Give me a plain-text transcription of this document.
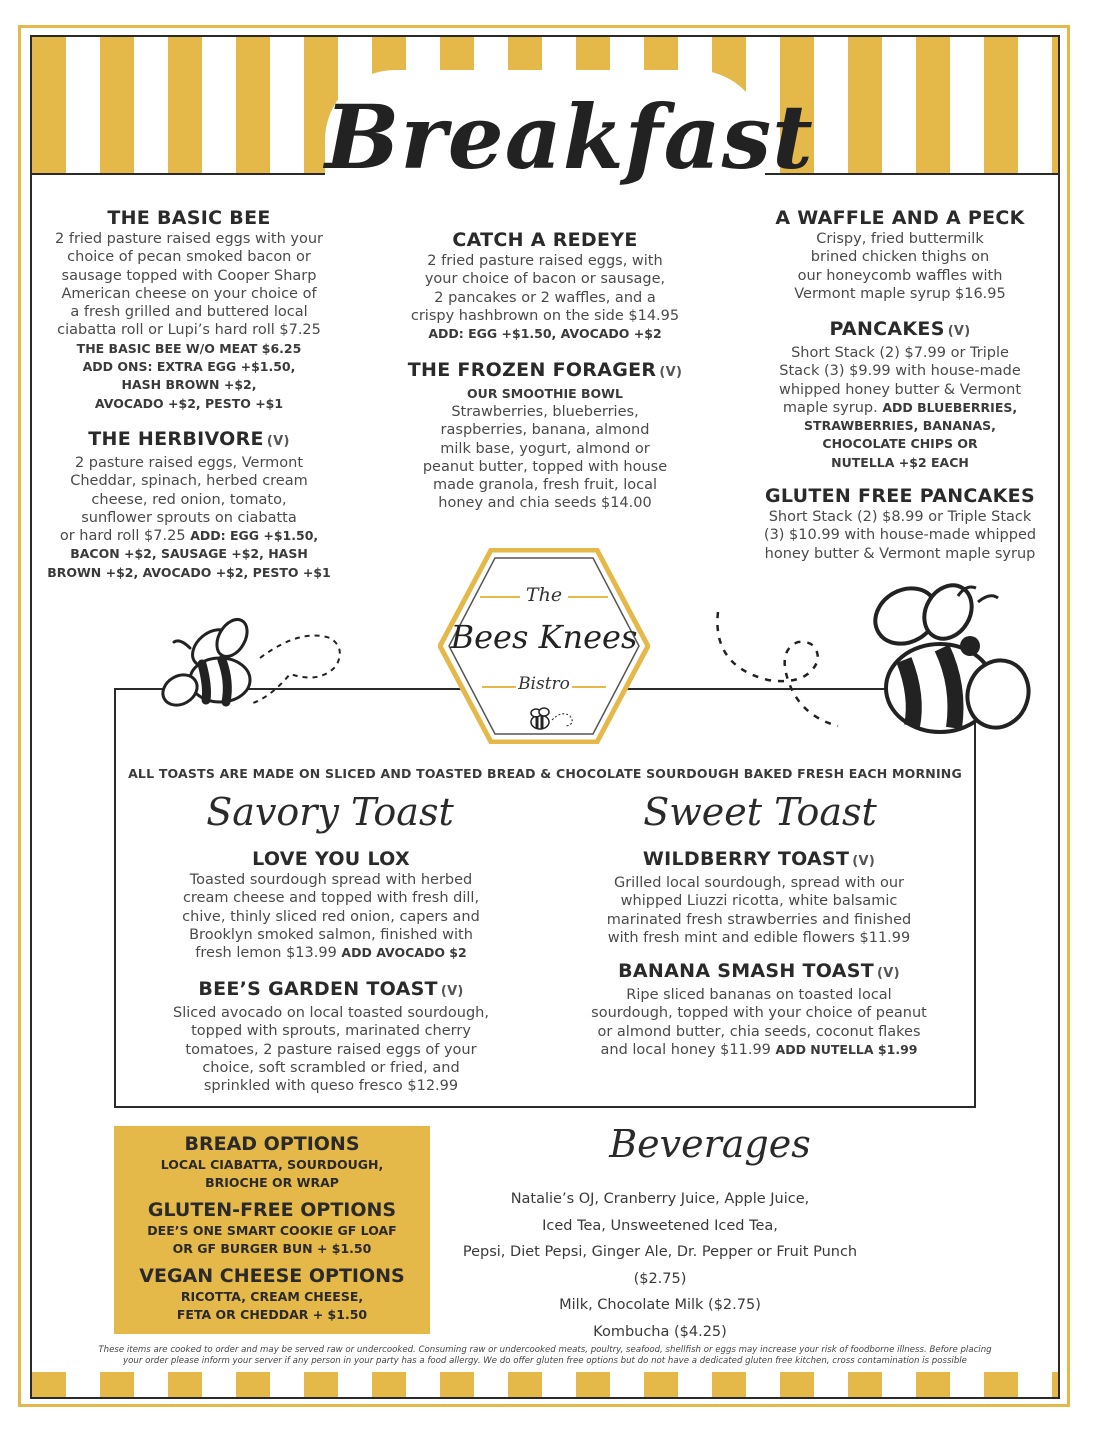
Breakfast
THE BASIC BEE
2 fried pasture raised eggs with your
choice of pecan smoked bacon or
sausage topped with Cooper Sharp
American cheese on your choice of
a fresh grilled and buttered local
ciabatta roll or Lupi’s hard roll $7.25
THE BASIC BEE W/O MEAT $6.25
ADD ONS: EXTRA EGG +$1.50,
HASH BROWN +$2,
AVOCADO +$2, PESTO +$1
THE HERBIVORE (V)
2 pasture raised eggs, Vermont
Cheddar, spinach, herbed cream
cheese, red onion, tomato,
sunflower sprouts on ciabatta
or hard roll $7.25 ADD: EGG +$1.50,
BACON +$2, SAUSAGE +$2, HASH
BROWN +$2, AVOCADO +$2, PESTO +$1
CATCH A REDEYE
2 fried pasture raised eggs, with
your choice of bacon or sausage,
2 pancakes or 2 waffles, and a
crispy hashbrown on the side $14.95
ADD: EGG +$1.50, AVOCADO +$2
THE FROZEN FORAGER (V)
OUR SMOOTHIE BOWL
Strawberries, blueberries,
raspberries, banana, almond
milk base, yogurt, almond or
peanut butter, topped with house
made granola, fresh fruit, local
honey and chia seeds $14.00
A WAFFLE AND A PECK
Crispy, fried buttermilk
brined chicken thighs on
our honeycomb waffles with
Vermont maple syrup $16.95
PANCAKES (V)
Short Stack (2) $7.99 or Triple
Stack (3) $9.99 with house-made
whipped honey butter & Vermont
maple syrup. ADD BLUEBERRIES,
STRAWBERRIES, BANANAS,
CHOCOLATE CHIPS OR
NUTELLA +$2 EACH
GLUTEN FREE PANCAKES
Short Stack (2) $8.99 or Triple Stack
(3) $10.99 with house-made whipped
honey butter & Vermont maple syrup
The
Bees Knees
Bistro
ALL TOASTS ARE MADE ON SLICED AND TOASTED BREAD & CHOCOLATE SOURDOUGH BAKED FRESH EACH MORNING
Savory Toast	Sweet Toast
LOVE YOU LOX
Toasted sourdough spread with herbed
cream cheese and topped with fresh dill,
chive, thinly sliced red onion, capers and
Brooklyn smoked salmon, finished with
fresh lemon $13.99 ADD AVOCADO $2
BEE’S GARDEN TOAST (V)
Sliced avocado on local toasted sourdough,
topped with sprouts, marinated cherry
tomatoes, 2 pasture raised eggs of your
choice, soft scrambled or fried, and
sprinkled with queso fresco $12.99
WILDBERRY TOAST (V)
Grilled local sourdough, spread with our
whipped Liuzzi ricotta, white balsamic
marinated fresh strawberries and finished
with fresh mint and edible flowers $11.99
BANANA SMASH TOAST (V)
Ripe sliced bananas on toasted local
sourdough, topped with your choice of peanut
or almond butter, chia seeds, coconut flakes
and local honey $11.99 ADD NUTELLA $1.99
BREAD OPTIONS
LOCAL CIABATTA, SOURDOUGH,
BRIOCHE OR WRAP
GLUTEN-FREE OPTIONS
DEE’S ONE SMART COOKIE GF LOAF
OR GF BURGER BUN + $1.50
VEGAN CHEESE OPTIONS
RICOTTA, CREAM CHEESE,
FETA OR CHEDDAR + $1.50
Beverages
Natalie’s OJ, Cranberry Juice, Apple Juice,
Iced Tea, Unsweetened Iced Tea,
Pepsi, Diet Pepsi, Ginger Ale, Dr. Pepper or Fruit Punch ($2.75)
Milk, Chocolate Milk ($2.75)
Kombucha ($4.25)
These items are cooked to order and may be served raw or undercooked. Consuming raw or undercooked meats, poultry, seafood, shellfish or eggs may increase your risk of foodborne illness. Before placing
your order please inform your server if any person in your party has a food allergy. We do offer gluten free options but do not have a dedicated gluten free kitchen, cross contamination is possible
